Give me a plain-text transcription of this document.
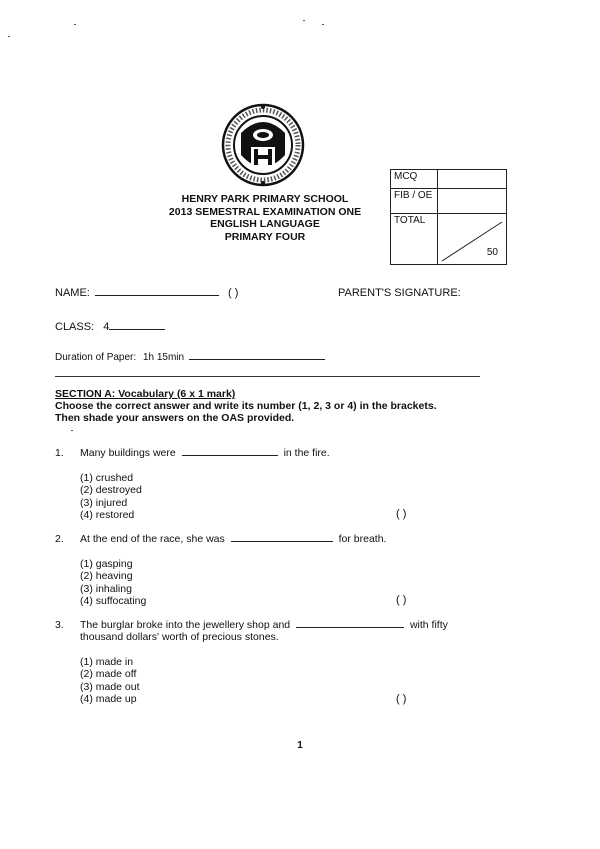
HENRY PARK PRIMARY SCHOOL
2013 SEMESTRAL EXAMINATION ONE
ENGLISH LANGUAGE
PRIMARY FOUR
MCQ	
FIB / OE	
TOTAL	50
NAME:	( )	PARENT'S SIGNATURE:
CLASS: 4
Duration of Paper: 1h 15min
SECTION A: Vocabulary (6 x 1 mark)
Choose the correct answer and write its number (1, 2, 3 or 4) in the brackets.
Then shade your answers on the OAS provided.
1. Many buildings were	in the fire.
(1) crushed
(2) destroyed
(3) injured
(4) restored	( )
2. At the end of the race, she was	for breath.
(1) gasping
(2) heaving
(3) inhaling
(4) suffocating	( )
3. The burglar broke into the jewellery shop and	with fifty
thousand dollars' worth of precious stones.
(1) made in
(2) made off
(3) made out
(4) made up	( )
1
